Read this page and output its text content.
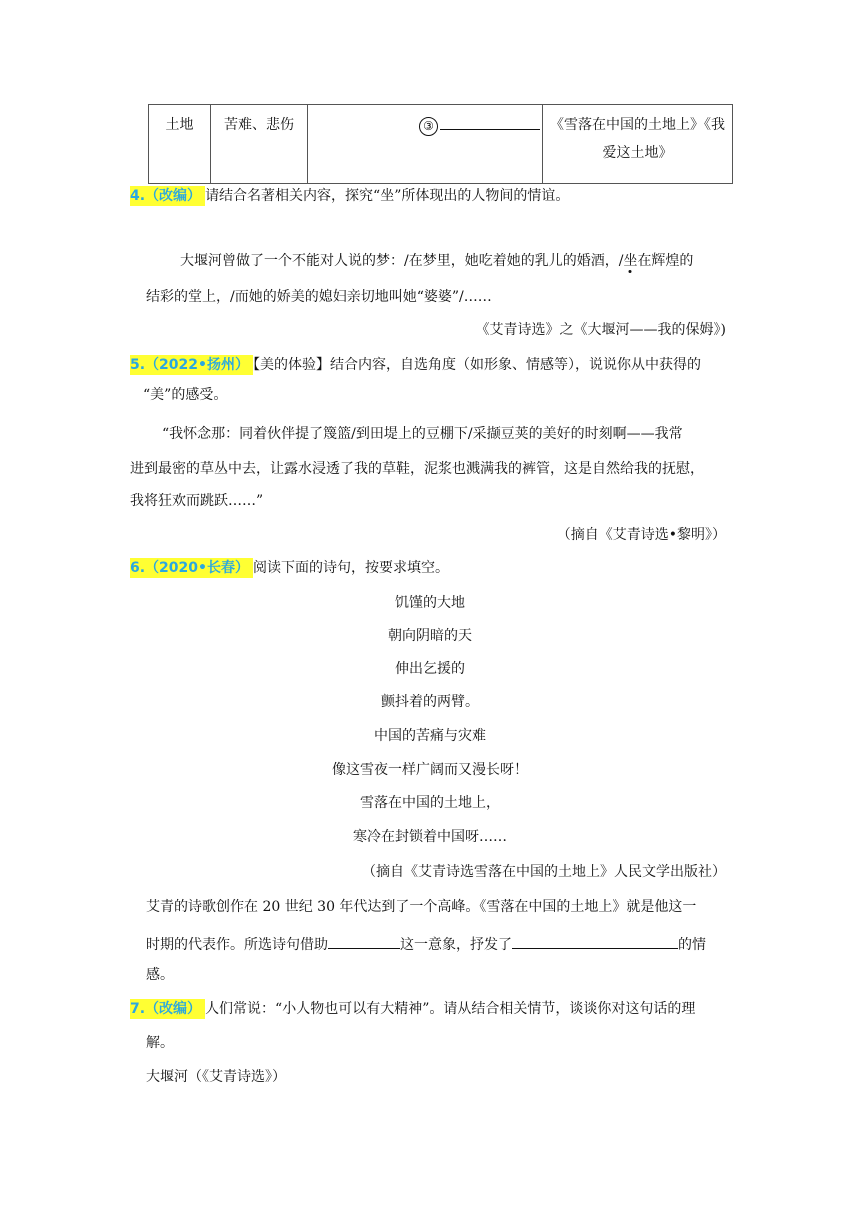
土地	苦难、悲伤	③	《雪落在中国的土地上》《我
爱这土地》
4.（改编） 请结合名著相关内容，探究“坐”所体现出的人物间的情谊。
大堰河曾做了一个不能对人说的梦：/在梦里，她吃着她的乳儿的婚酒，/坐在辉煌的
结彩的堂上，/而她的娇美的媳妇亲切地叫她“婆婆”/……
《艾青诗选》之《大堰河——我的保姆》)
5.（2022•扬州） 【美的体验】结合内容，自选角度（如形象、情感等），说说你从中获得的
“美”的感受。
“我怀念那：同着伙伴提了篾篮/到田堤上的豆棚下/采撷豆荚的美好的时刻啊——我常
进到最密的草丛中去，让露水浸透了我的草鞋，泥浆也溅满我的裤管，这是自然给我的抚慰，
我将狂欢而跳跃……”
（摘自《艾青诗选•黎明》）
6.（2020•长春） 阅读下面的诗句，按要求填空。
饥馑的大地
朝向阴暗的天
伸出乞援的
颤抖着的两臂。
中国的苦痛与灾难
像这雪夜一样广阔而又漫长呀！
雪落在中国的土地上，
寒冷在封锁着中国呀……
（摘自《艾青诗选雪落在中国的土地上》人民文学出版社）
艾青的诗歌创作在 20 世纪 30 年代达到了一个高峰。《雪落在中国的土地上》就是他这一
时期的代表作。所选诗句借助	这一意象，抒发了	的情
感。
7.（改编） 人们常说：“小人物也可以有大精神”。请从结合相关情节，谈谈你对这句话的理
解。
大堰河（《艾青诗选》）
